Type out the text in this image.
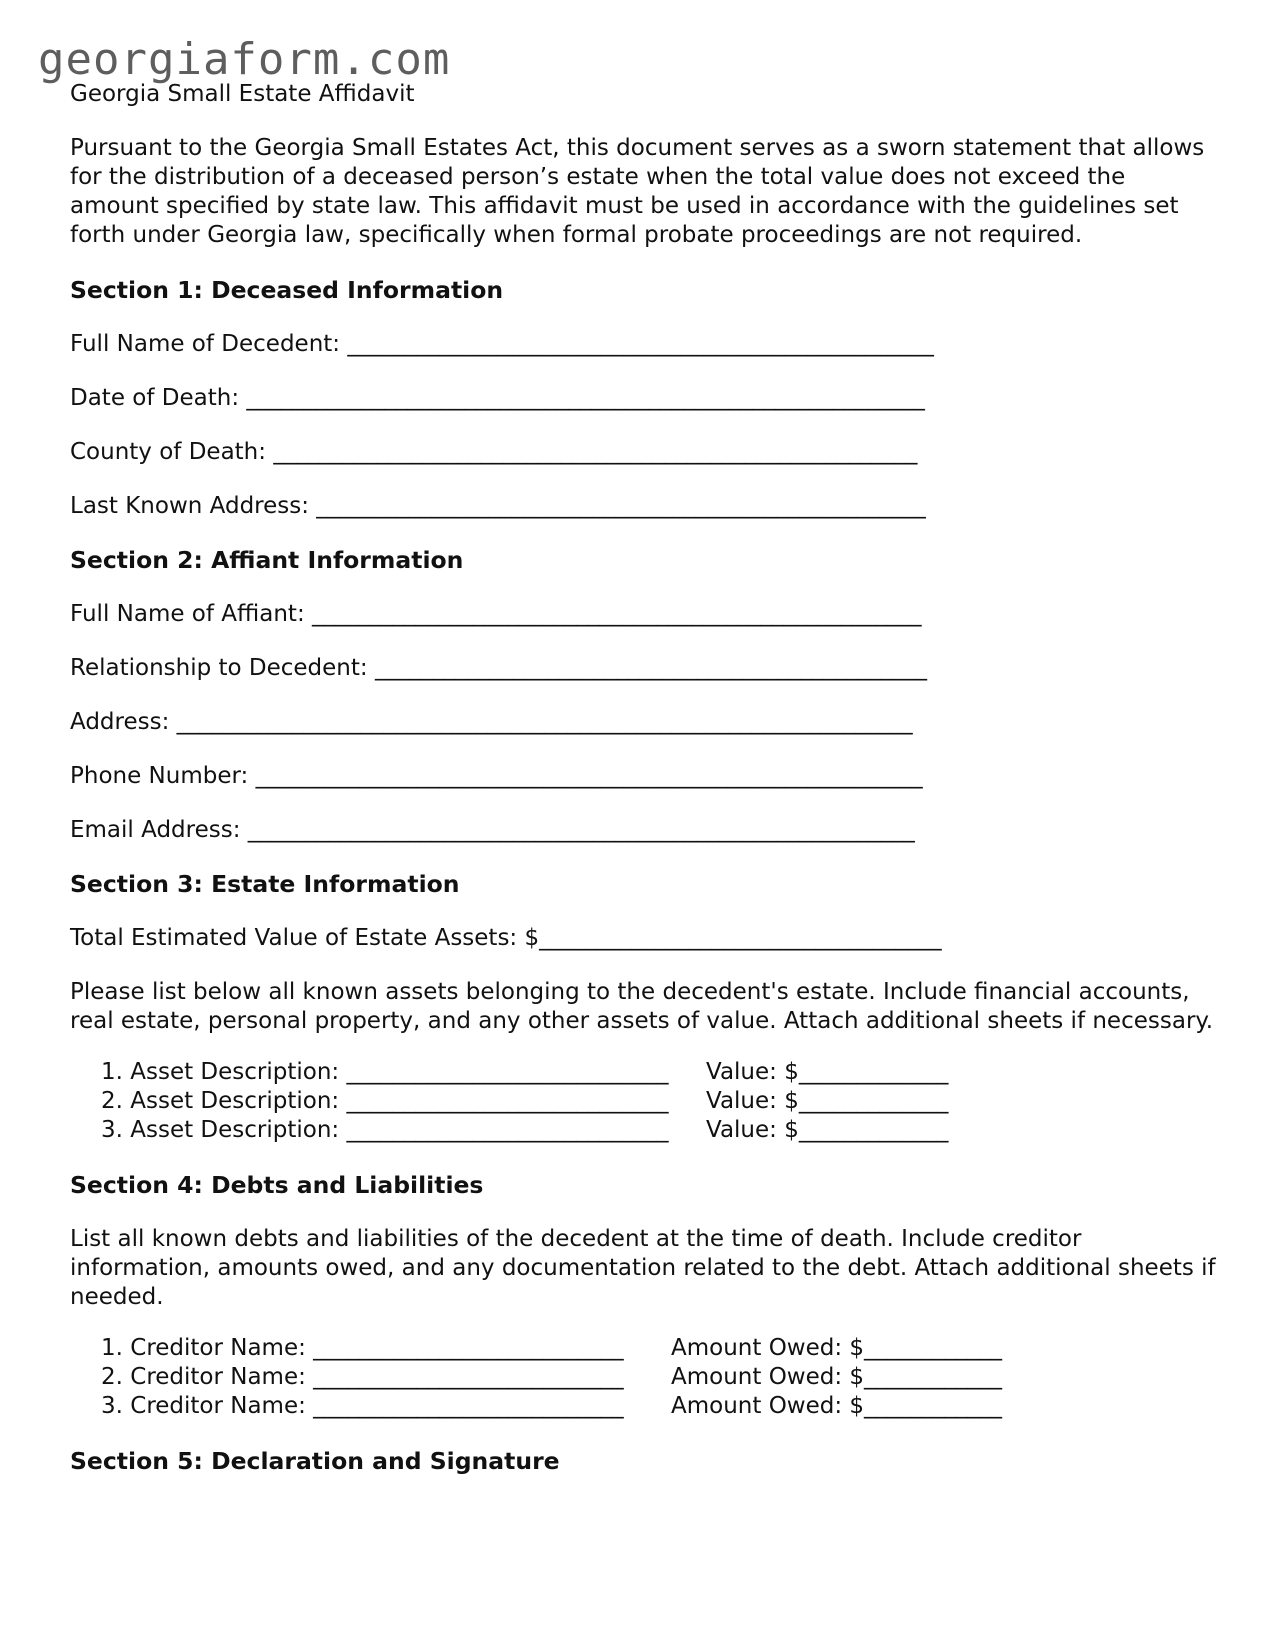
georgiaform.com

Georgia Small Estate Affidavit

Pursuant to the Georgia Small Estates Act, this document serves as a sworn statement that allows for the distribution of a deceased person’s estate when the total value does not exceed the amount specified by state law. This affidavit must be used in accordance with the guidelines set forth under Georgia law, specifically when formal probate proceedings are not required.

Section 1: Deceased Information

Full Name of Decedent: ___________________________________________________

Date of Death: ___________________________________________________________

County of Death: ________________________________________________________

Last Known Address: _____________________________________________________

Section 2: Affiant Information

Full Name of Affiant: _____________________________________________________

Relationship to Decedent: ________________________________________________

Address: ________________________________________________________________

Phone Number: __________________________________________________________

Email Address: __________________________________________________________

Section 3: Estate Information

Total Estimated Value of Estate Assets: $___________________________________

Please list below all known assets belonging to the decedent's estate. Include financial accounts, real estate, personal property, and any other assets of value. Attach additional sheets if necessary.

1. Asset Description: ____________________________ Value: $_____________
2. Asset Description: ____________________________ Value: $_____________
3. Asset Description: ____________________________ Value: $_____________

Section 4: Debts and Liabilities

List all known debts and liabilities of the decedent at the time of death. Include creditor information, amounts owed, and any documentation related to the debt. Attach additional sheets if needed.

1. Creditor Name: ___________________________ Amount Owed: $____________
2. Creditor Name: ___________________________ Amount Owed: $____________
3. Creditor Name: ___________________________ Amount Owed: $____________

Section 5: Declaration and Signature
